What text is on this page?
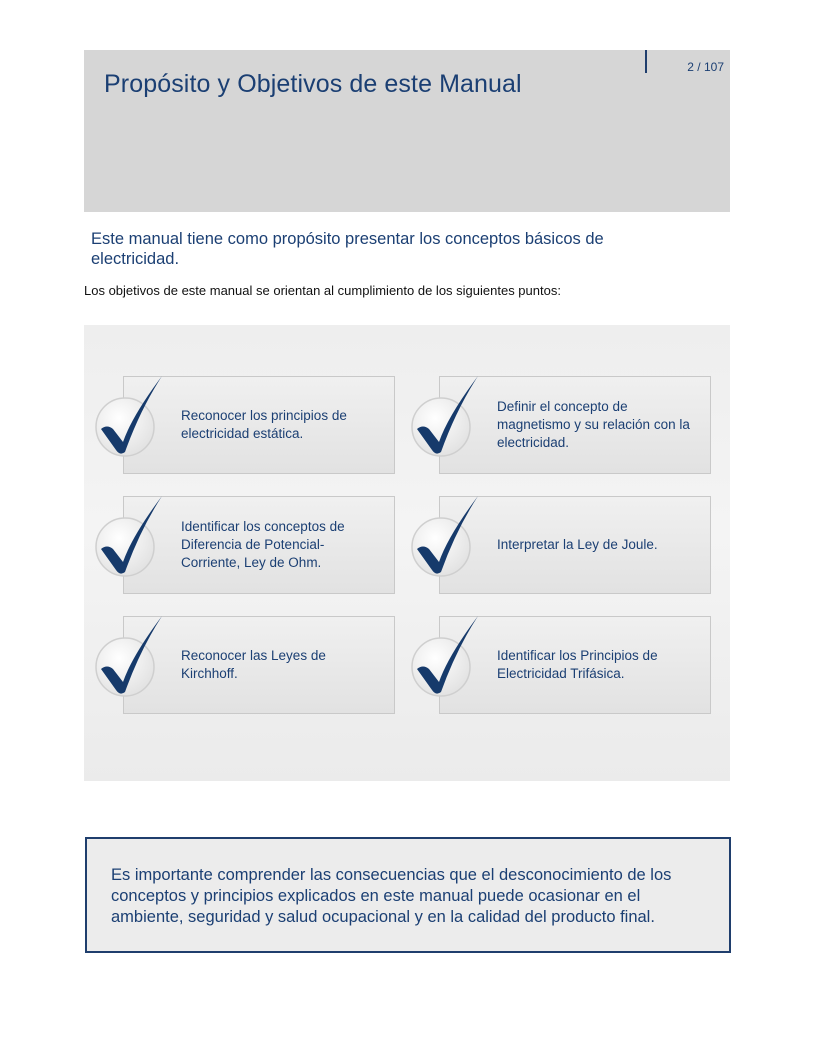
Propósito y Objetivos de este Manual
2 / 107

Este manual tiene como propósito presentar los conceptos básicos de electricidad.

Los objetivos de este manual se orientan al cumplimiento de los siguientes puntos:

Reconocer los principios de electricidad estática.
Definir el concepto de magnetismo y su relación con la electricidad.
Identificar los conceptos de Diferencia de Potencial-Corriente, Ley de Ohm.
Interpretar la Ley de Joule.
Reconocer las Leyes de Kirchhoff.
Identificar los Principios de Electricidad Trifásica.

Es importante comprender las consecuencias que el desconocimiento de los conceptos y principios explicados en este manual puede ocasionar en el ambiente, seguridad y salud ocupacional y en la calidad del producto final.
